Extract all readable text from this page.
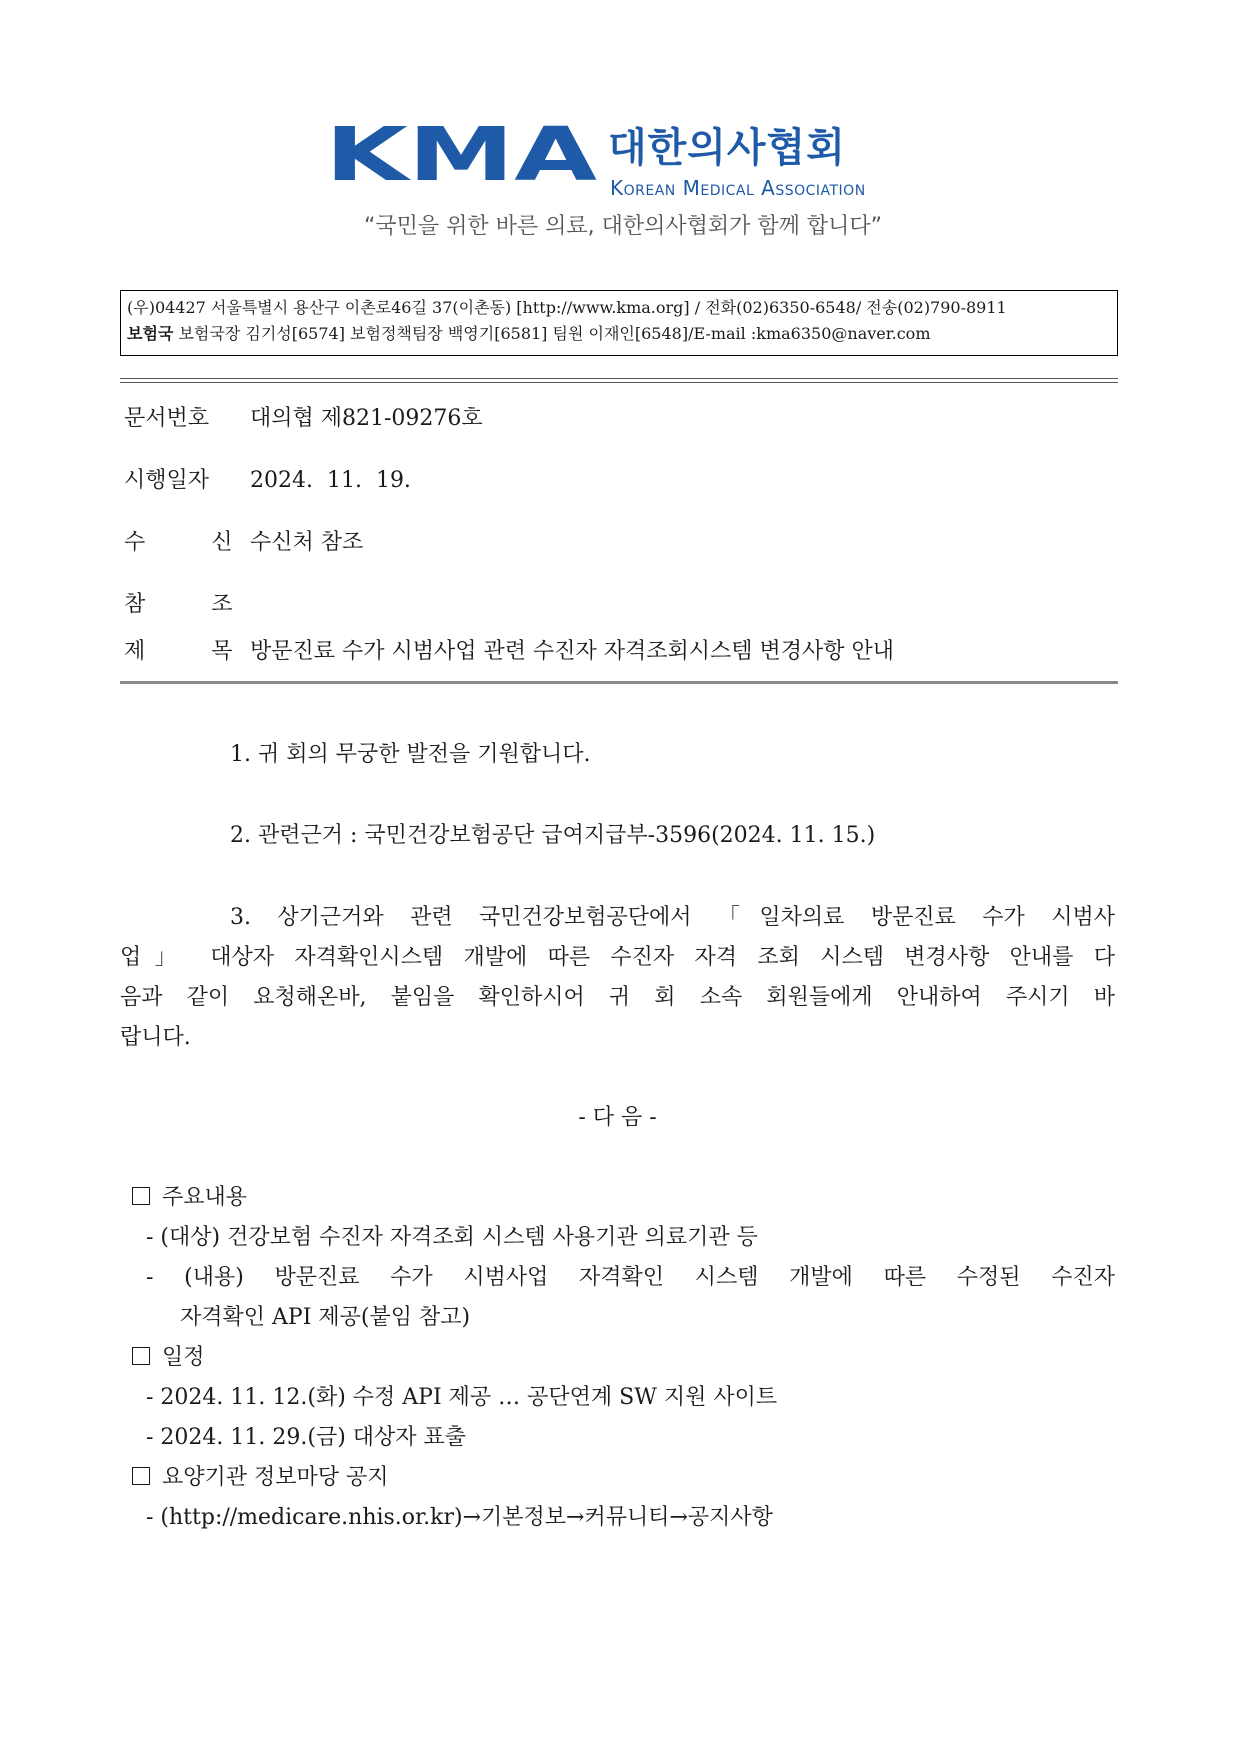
KMA 대한의사협회
Korean Medical Association
“국민을 위한 바른 의료, 대한의사협회가 함께 합니다”
(우)04427 서울특별시 용산구 이촌로46길 37(이촌동) [http://www.kma.org] / 전화(02)6350-6548/ 전송(02)790-8911
보험국 보험국장 김기성[6574] 보험정책팀장 백영기[6581] 팀원 이재인[6548]/E-mail :kma6350@naver.com
문서번호 대의협 제821-09276호
시행일자 2024.  11.  19.
수	신 수신처 참조
참	조
제	목 방문진료 수가 시범사업 관련 수진자 자격조회시스템 변경사항 안내
1. 귀 회의 무궁한 발전을 기원합니다.
2. 관련근거 : 국민건강보험공단 급여지급부-3596(2024. 11. 15.)
3. 상기근거와 관련 국민건강보험공단에서 「일차의료 방문진료 수가 시범사
업」 대상자 자격확인시스템 개발에 따른 수진자 자격 조회 시스템 변경사항 안내를 다
음과 같이 요청해온바, 붙임을 확인하시어 귀 회 소속 회원들에게 안내하여 주시기 바
랍니다.
- 다 음 -
주요내용
- (대상) 건강보험 수진자 자격조회 시스템 사용기관 의료기관 등
- (내용) 방문진료 수가 시범사업 자격확인 시스템 개발에 따른 수정된 수진자
자격확인 API 제공(붙임 참고)
일정
- 2024. 11. 12.(화) 수정 API 제공 … 공단연계 SW 지원 사이트
- 2024. 11. 29.(금) 대상자 표출
요양기관 정보마당 공지
- (http://medicare.nhis.or.kr)→기본정보→커뮤니티→공지사항
